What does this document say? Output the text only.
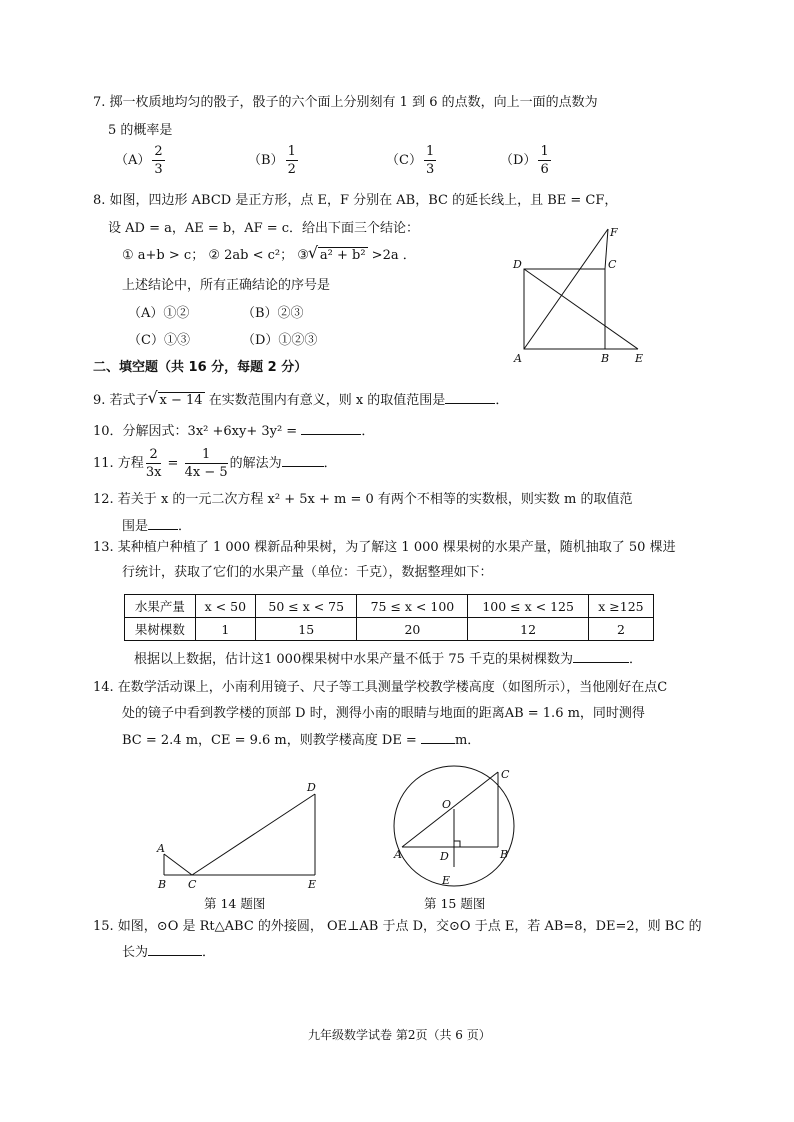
7. 掷一枚质地均匀的骰子，骰子的六个面上分别刻有 1 到 6 的点数，向上一面的点数为
5 的概率是
$(A) \frac{2}{3}$	$(B) \frac{1}{2}$	$(C) \frac{1}{3}$	$(D) \frac{1}{6}$
8. 如图，四边形 ABCD 是正方形，点 E，F 分别在 AB，BC 的延长线上，且 BE = CF，
设 AD = a，AE = b，AF = c．给出下面三个结论：
① a+b > c； ② 2ab < c²； ③ √ a² + b² >2a ．
上述结论中，所有正确结论的序号是
（A）①②	（B）②③
（C）①③	（D）①②③
A	B
C
D
E
F
二、填空题（共 16 分，每题 2 分）
9. 若式子 √ x − 14 在实数范围内有意义，则 x 的取值范围是	．
10．分解因式：3x² +6xy+ 3y² =	．
11. 方程 $\frac{2}{3x} = \frac{1}{4x - 5}$ 的解法为	．
12. 若关于 x 的一元二次方程 x² + 5x + m = 0 有两个不相等的实数根，则实数 m 的取值范
围是 ．
13. 某种植户种植了 1 000 棵新品种果树，为了解这 1 000 棵果树的水果产量，随机抽取了 50 棵进
行统计，获取了它们的水果产量（单位：千克），数据整理如下：
水果产量	x < 50	50 ≤ x < 75	75 ≤ x < 100	100 ≤ x < 125	x ≥125
果树棵数	1	15	20	12	2
根据以上数据，估计这1 000棵果树中水果产量不低于 75 千克的果树棵数为	．
14. 在数学活动课上，小南利用镜子、尺子等工具测量学校教学楼高度（如图所示），当他刚好在点C
处的镜子中看到教学楼的顶部 D 时，测得小南的眼睛与地面的距离AB = 1.6 m，同时测得
BC = 2.4 m，CE = 9.6 m，则教学楼高度 DE =	m．
A
B C
D
E
第 14 题图
O
A	B
C
D
E
第 15 题图
15. 如图，⊙O 是 Rt△ABC 的外接圆， OE⊥AB 于点 D，交⊙O 于点 E，若 AB=8，DE=2，则 BC 的
长为	．
九年级数学试卷 第2页（共 6 页）
